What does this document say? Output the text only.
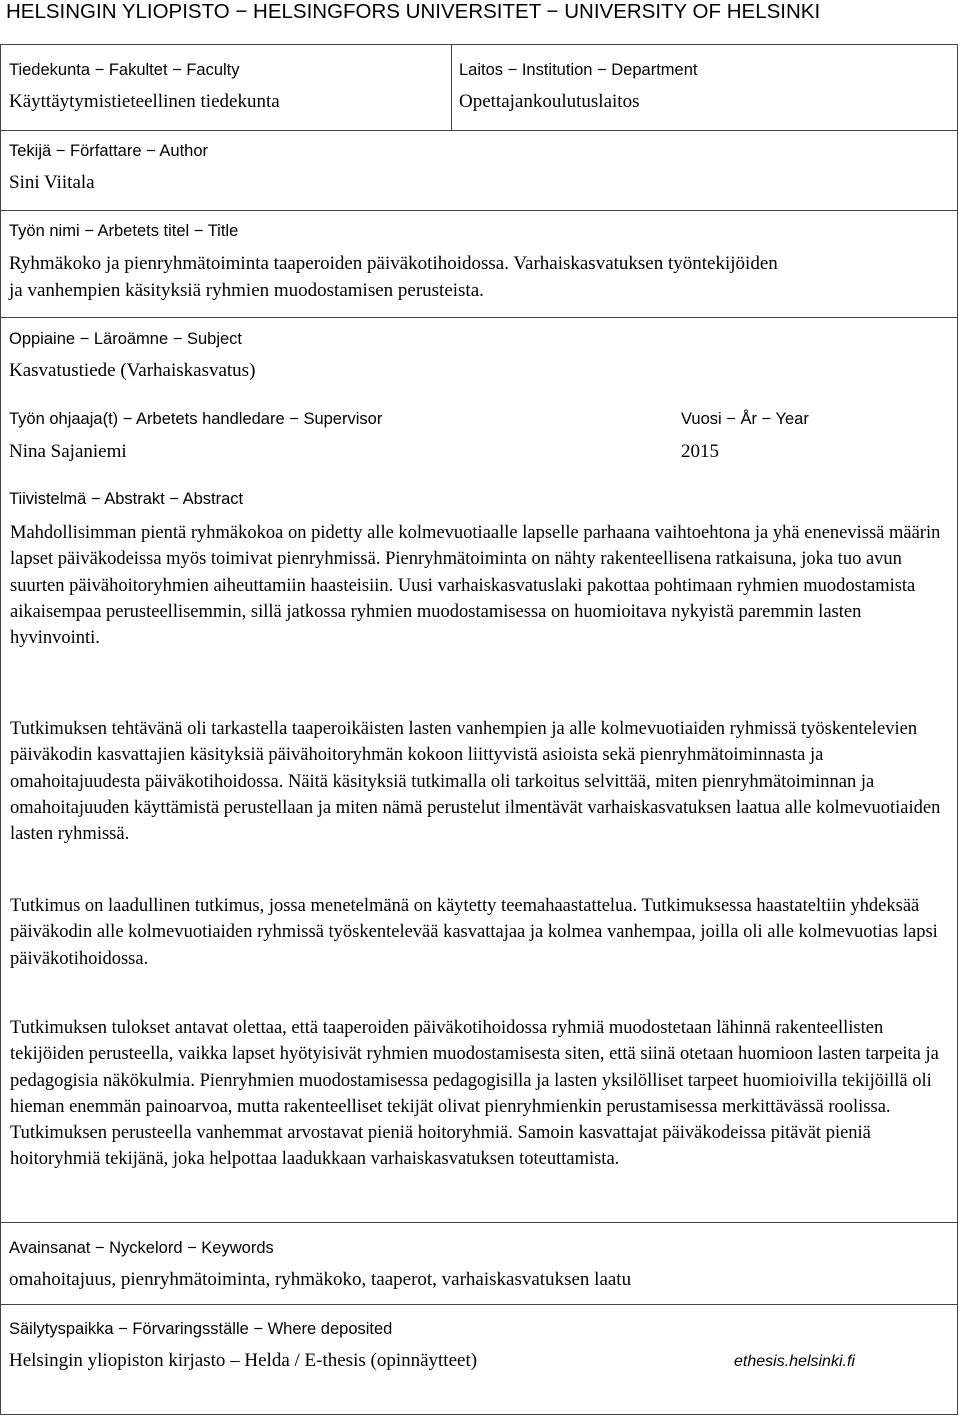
HELSINGIN YLIOPISTO − HELSINGFORS UNIVERSITET − UNIVERSITY OF HELSINKI
Tiedekunta − Fakultet − Faculty
Käyttäytymistieteellinen tiedekunta
Laitos − Institution − Department
Opettajankoulutuslaitos
Tekijä − Författare − Author
Sini Viitala
Työn nimi − Arbetets titel − Title
Ryhmäkoko ja pienryhmätoiminta taaperoiden päiväkotihoidossa. Varhaiskasvatuksen työntekijöiden
ja vanhempien käsityksiä ryhmien muodostamisen perusteista.
Oppiaine − Läroämne − Subject
Kasvatustiede (Varhaiskasvatus)
Työn ohjaaja(t) − Arbetets handledare − Supervisor
Nina Sajaniemi
Vuosi − År − Year
2015
Tiivistelmä − Abstrakt − Abstract

Mahdollisimman pientä ryhmäkokoa on pidetty alle kolmevuotiaalle lapselle parhaana vaihtoehtona ja yhä enenevissä määrin lapset päiväkodeissa myös toimivat pienryhmissä. Pienryhmätoiminta on nähty rakenteellisena ratkaisuna, joka tuo avun suurten päivähoitoryhmien aiheuttamiin haasteisiin. Uusi varhaiskasvatuslaki pakottaa pohtimaan ryhmien muodostamista aikaisempaa perusteellisemmin, sillä jatkossa ryhmien muodostamisessa on huomioitava nykyistä paremmin lasten hyvinvointi.

Tutkimuksen tehtävänä oli tarkastella taaperoikäisten lasten vanhempien ja alle kolmevuotiaiden ryhmissä työskentelevien päiväkodin kasvattajien käsityksiä päivähoitoryhmän kokoon liittyvistä asioista sekä pienryhmätoiminnasta ja omahoitajuudesta päiväkotihoidossa. Näitä käsityksiä tutkimalla oli tarkoitus selvittää, miten pienryhmätoiminnan ja omahoitajuuden käyttämistä perustellaan ja miten nämä perustelut ilmentävät varhaiskasvatuksen laatua alle kolmevuotiaiden lasten ryhmissä.

Tutkimus on laadullinen tutkimus, jossa menetelmänä on käytetty teemahaastattelua. Tutkimuksessa haastateltiin yhdeksää päiväkodin alle kolmevuotiaiden ryhmissä työskentelevää kasvattajaa ja kolmea vanhempaa, joilla oli alle kolmevuotias lapsi päiväkotihoidossa.

Tutkimuksen tulokset antavat olettaa, että taaperoiden päiväkotihoidossa ryhmiä muodostetaan lähinnä rakenteellisten tekijöiden perusteella, vaikka lapset hyötyisivät ryhmien muodostamisesta siten, että siinä otetaan huomioon lasten tarpeita ja pedagogisia näkökulmia. Pienryhmien muodostamisessa pedagogisilla ja lasten yksilölliset tarpeet huomioivilla tekijöillä oli hieman enemmän painoarvoa, mutta rakenteelliset tekijät olivat pienryhmienkin perustamisessa merkittävässä roolissa. Tutkimuksen perusteella vanhemmat arvostavat pieniä hoitoryhmiä. Samoin kasvattajat päiväkodeissa pitävät pieniä hoitoryhmiä tekijänä, joka helpottaa laadukkaan varhaiskasvatuksen toteuttamista.

Avainsanat − Nyckelord − Keywords
omahoitajuus, pienryhmätoiminta, ryhmäkoko, taaperot, varhaiskasvatuksen laatu
Säilytyspaikka − Förvaringsställe − Where deposited
Helsingin yliopiston kirjasto – Helda / E-thesis (opinnäytteet)	ethesis.helsinki.fi
